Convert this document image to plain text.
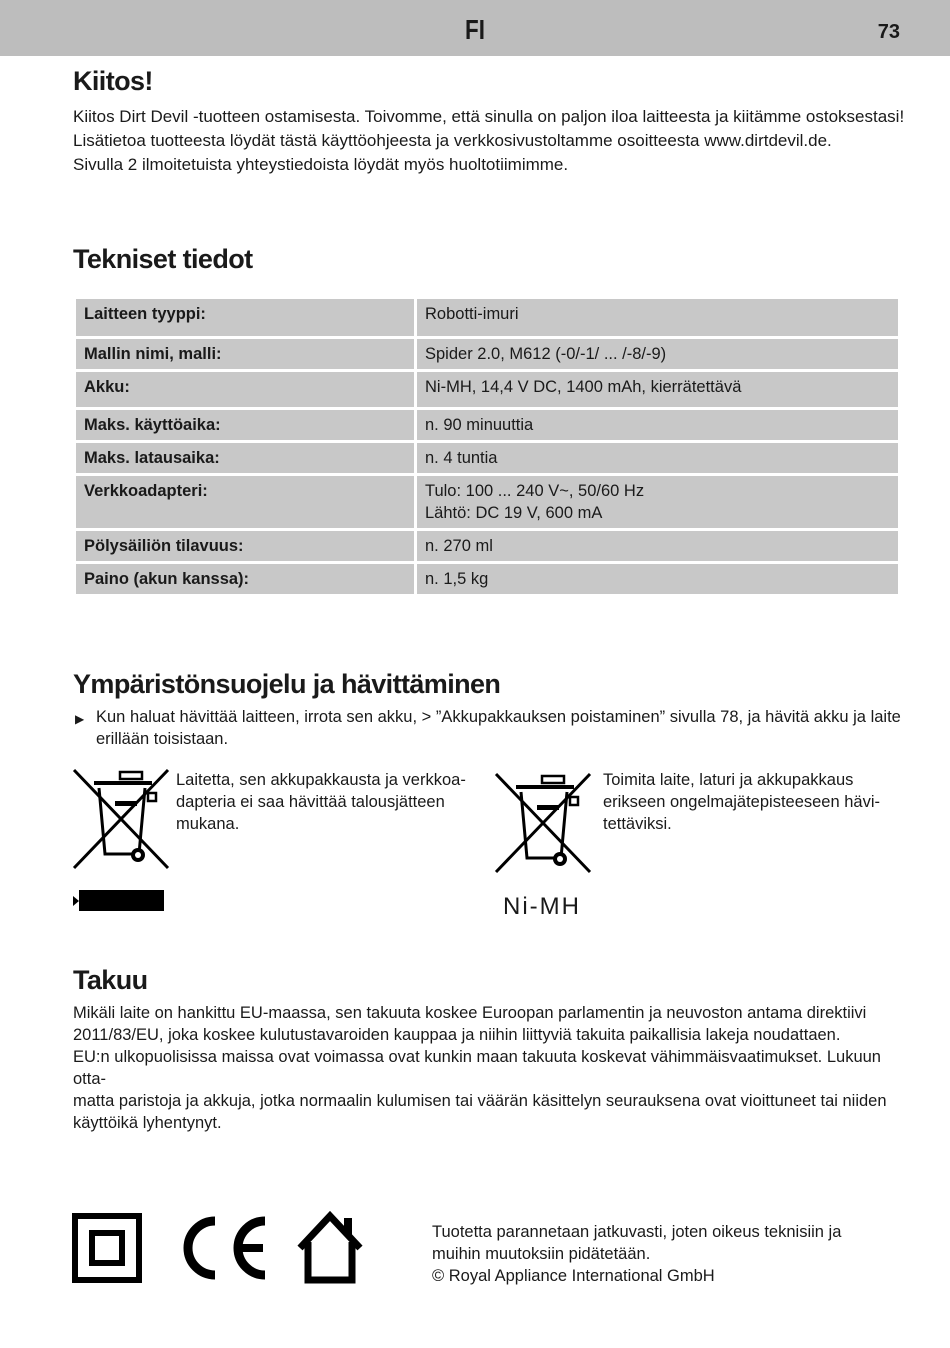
FI	73
Kiitos!

Kiitos Dirt Devil -tuotteen ostamisesta. Toivomme, että sinulla on paljon iloa laitteesta ja kiitämme ostoksestasi!

Lisätietoa tuotteesta löydät tästä käyttöohjeesta ja verkkosivustoltamme osoitteesta www.dirtdevil.de.

Sivulla 2 ilmoitetuista yhteystiedoista löydät myös huoltotiimimme.

Tekniset tiedot
Laitteen tyyppi:	Robotti-imuri
Mallin nimi, malli:	Spider 2.0, M612 (-0/-1/ ... /-8/-9)
Akku:	Ni-MH, 14,4 V DC, 1400 mAh, kierrätettävä
Maks. käyttöaika:	n. 90 minuuttia
Maks. latausaika:	n. 4 tuntia
Verkkoadapteri:	Tulo: 100 ... 240 V~, 50/60 Hz
Lähtö: DC 19 V, 600 mA

Pölysäiliön tilavuus:	n. 270 ml
Paino (akun kanssa):	n. 1,5 kg
Ympäristönsuojelu ja hävittäminen
▶ Kun haluat hävittää laitteen, irrota sen akku, > ”Akkupakkauksen poistaminen” sivulla 78, ja hävitä akku ja laite erillään toisistaan.
Laitetta, sen akkupakkausta ja verkkoa-
dapteria ei saa hävittää talousjätteen
mukana.
Ni-MH
Toimita laite, laturi ja akkupakkaus
erikseen ongelmajätepisteeseen hävi-
tettäviksi.
Takuu

Mikäli laite on hankittu EU-maassa, sen takuuta koskee Euroopan parlamentin ja neuvoston antama direktiivi

2011/83/EU, joka koskee kulutustavaroiden kauppaa ja niihin liittyviä takuita paikallisia lakeja noudattaen.

EU:n ulkopuolisissa maissa ovat voimassa ovat kunkin maan takuuta koskevat vähimmäisvaatimukset. Lukuun otta-

matta paristoja ja akkuja, jotka normaalin kulumisen tai väärän käsittelyn seurauksena ovat vioittuneet tai niiden

käyttöikä lyhentynyt.

Tuotetta parannetaan jatkuvasti, joten oikeus teknisiin ja
muihin muutoksiin pidätetään.
© Royal Appliance International GmbH
